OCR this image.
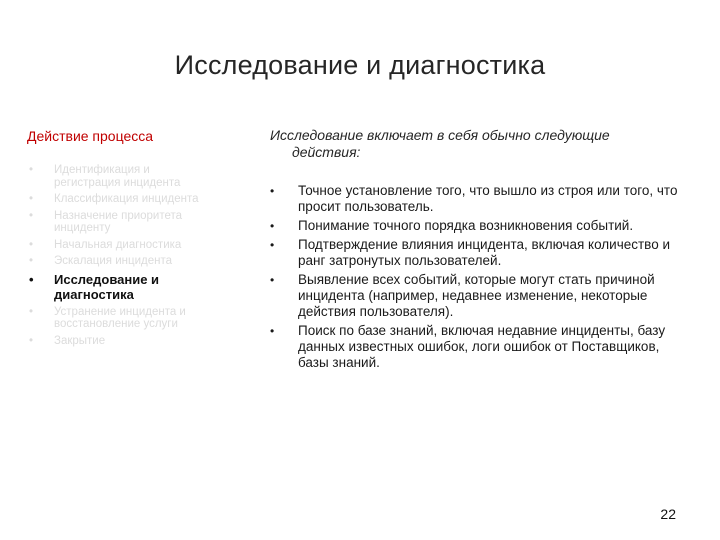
Исследование и диагностика
Действие процесса
• Идентификация и регистрация инцидента
• Классификация инцидента
• Назначение приоритета инциденту
• Начальная диагностика
• Эскалация инцидента
• Исследование и диагностика
• Устранение инцидента и восстановление услуги
• Закрытие
Исследование включает в себя обычно следующие
действия:
• Точное установление того, что вышло из строя или того, что просит пользователь.
• Понимание точного порядка возникновения событий.
• Подтверждение влияния инцидента, включая количество и ранг затронутых пользователей.
• Выявление всех событий, которые могут стать причиной инцидента (например, недавнее изменение, некоторые действия пользователя).
• Поиск по базе знаний, включая недавние инциденты, базу данных известных ошибок, логи ошибок от Поставщиков, базы знаний.
22
